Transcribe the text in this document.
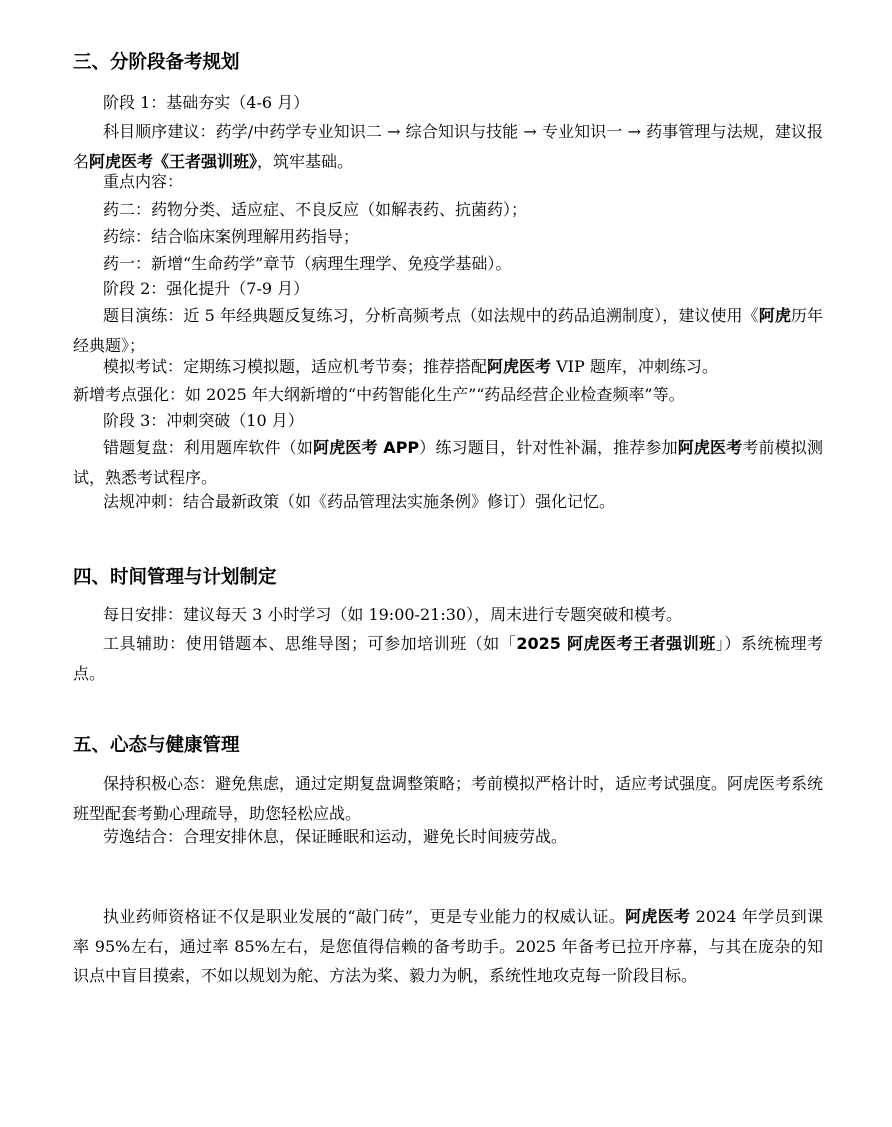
三、分阶段备考规划

阶段 1：基础夯实（4-6 月）

科目顺序建议：药学/中药学专业知识二 → 综合知识与技能 → 专业知识一 → 药事管理与法规，建议报名阿虎医考《王者强训班》，筑牢基础。

重点内容：

药二：药物分类、适应症、不良反应（如解表药、抗菌药）；

药综：结合临床案例理解用药指导；

药一：新增“生命药学”章节（病理生理学、免疫学基础）。

阶段 2：强化提升（7-9 月）

题目演练：近 5 年经典题反复练习，分析高频考点（如法规中的药品追溯制度），建议使用《阿虎历年经典题》；

模拟考试：定期练习模拟题，适应机考节奏；推荐搭配阿虎医考 VIP 题库，冲刺练习。

新增考点强化：如 2025 年大纲新增的“中药智能化生产”“药品经营企业检查频率”等。

阶段 3：冲刺突破（10 月）

错题复盘：利用题库软件（如阿虎医考 APP）练习题目，针对性补漏，推荐参加阿虎医考考前模拟测试，熟悉考试程序。

法规冲刺：结合最新政策（如《药品管理法实施条例》修订）强化记忆。

四、时间管理与计划制定

每日安排：建议每天 3 小时学习（如 19:00-21:30），周末进行专题突破和模考。

工具辅助：使用错题本、思维导图；可参加培训班（如「2025 阿虎医考王者强训班」）系统梳理考点。

五、心态与健康管理

保持积极心态：避免焦虑，通过定期复盘调整策略；考前模拟严格计时，适应考试强度。阿虎医考系统班型配套考勤心理疏导，助您轻松应战。

劳逸结合：合理安排休息，保证睡眠和运动，避免长时间疲劳战。

执业药师资格证不仅是职业发展的“敲门砖”，更是专业能力的权威认证。阿虎医考 2024 年学员到课率 95%左右，通过率 85%左右，是您值得信赖的备考助手。2025 年备考已拉开序幕，与其在庞杂的知识点中盲目摸索，不如以规划为舵、方法为桨、毅力为帆，系统性地攻克每一阶段目标。
